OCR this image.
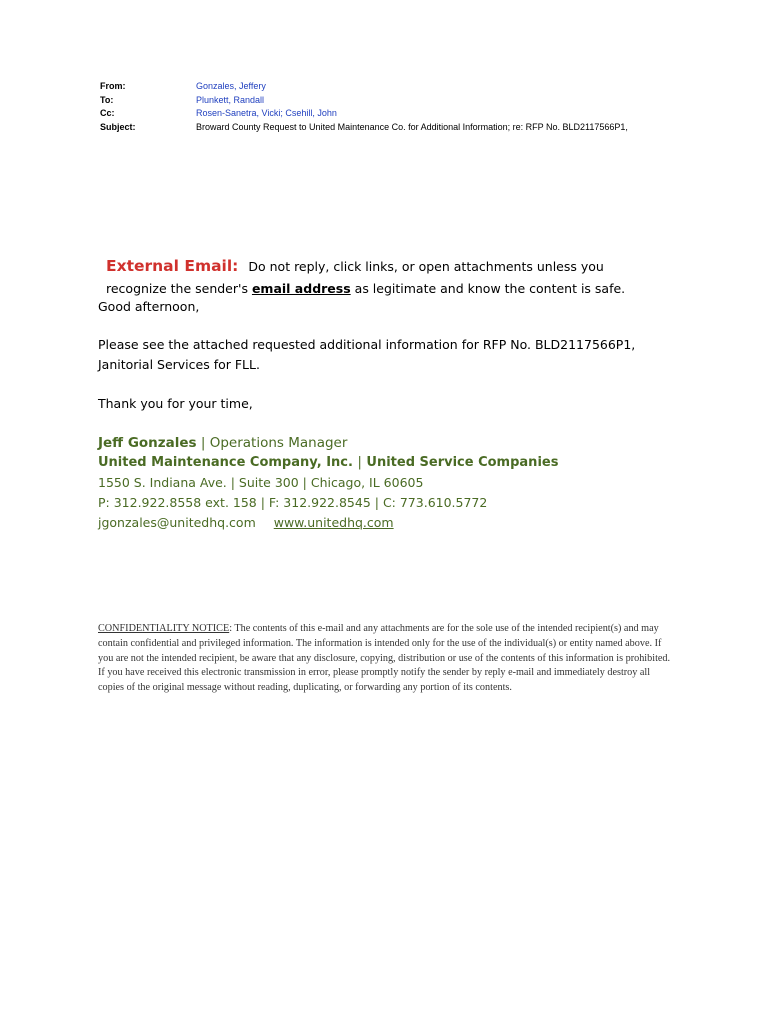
From:	Gonzales, Jeffery
To:	Plunkett, Randall
Cc:	Rosen-Sanetra, Vicki; Csehill, John
Subject:	Broward County Request to United Maintenance Co. for Additional Information; re: RFP No. BLD2117566P1,
External Email: Do not reply, click links, or open attachments unless you recognize the sender's email address as legitimate and know the content is safe.
Good afternoon,
Please see the attached requested additional information for RFP No. BLD2117566P1, Janitorial Services for FLL.
Thank you for your time,
Jeff Gonzales | Operations Manager
United Maintenance Company, Inc. | United Service Companies
1550 S. Indiana Ave. | Suite 300 | Chicago, IL 60605
P: 312.922.8558 ext. 158 | F: 312.922.8545 | C: 773.610.5772
jgonzales@unitedhq.com www.unitedhq.com
CONFIDENTIALITY NOTICE: The contents of this e-mail and any attachments are for the sole use of the intended recipient(s) and may contain confidential and privileged information. The information is intended only for the use of the individual(s) or entity named above. If you are not the intended recipient, be aware that any disclosure, copying, distribution or use of the contents of this information is prohibited. If you have received this electronic transmission in error, please promptly notify the sender by reply e-mail and immediately destroy all copies of the original message without reading, duplicating, or forwarding any portion of its contents.
